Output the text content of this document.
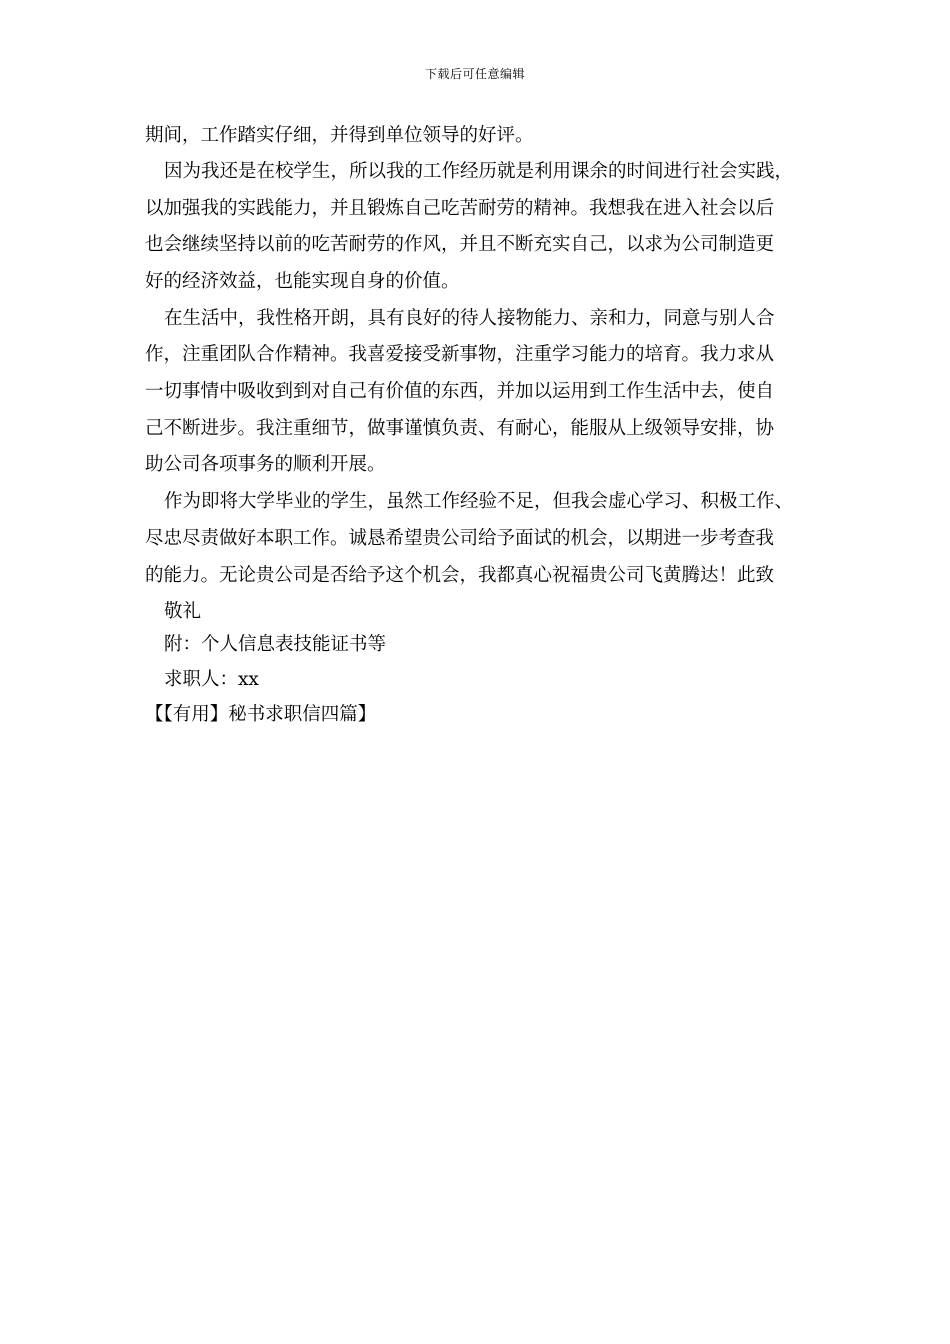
下载后可任意编辑
期间，工作踏实仔细，并得到单位领导的好评。
因为我还是在校学生，所以我的工作经历就是利用课余的时间进行社会实践，
以加强我的实践能力，并且锻炼自己吃苦耐劳的精神。我想我在进入社会以后
也会继续坚持以前的吃苦耐劳的作风，并且不断充实自己，以求为公司制造更
好的经济效益，也能实现自身的价值。
在生活中，我性格开朗，具有良好的待人接物能力、亲和力，同意与别人合
作，注重团队合作精神。我喜爱接受新事物，注重学习能力的培育。我力求从
一切事情中吸收到到对自己有价值的东西，并加以运用到工作生活中去，使自
己不断进步。我注重细节，做事谨慎负责、有耐心，能服从上级领导安排，协
助公司各项事务的顺利开展。
作为即将大学毕业的学生，虽然工作经验不足，但我会虚心学习、积极工作、
尽忠尽责做好本职工作。诚恳希望贵公司给予面试的机会，以期进一步考查我
的能力。无论贵公司是否给予这个机会，我都真心祝福贵公司飞黄腾达！此致
敬礼
附：个人信息表技能证书等
求职人：xx
【【有用】秘书求职信四篇】
